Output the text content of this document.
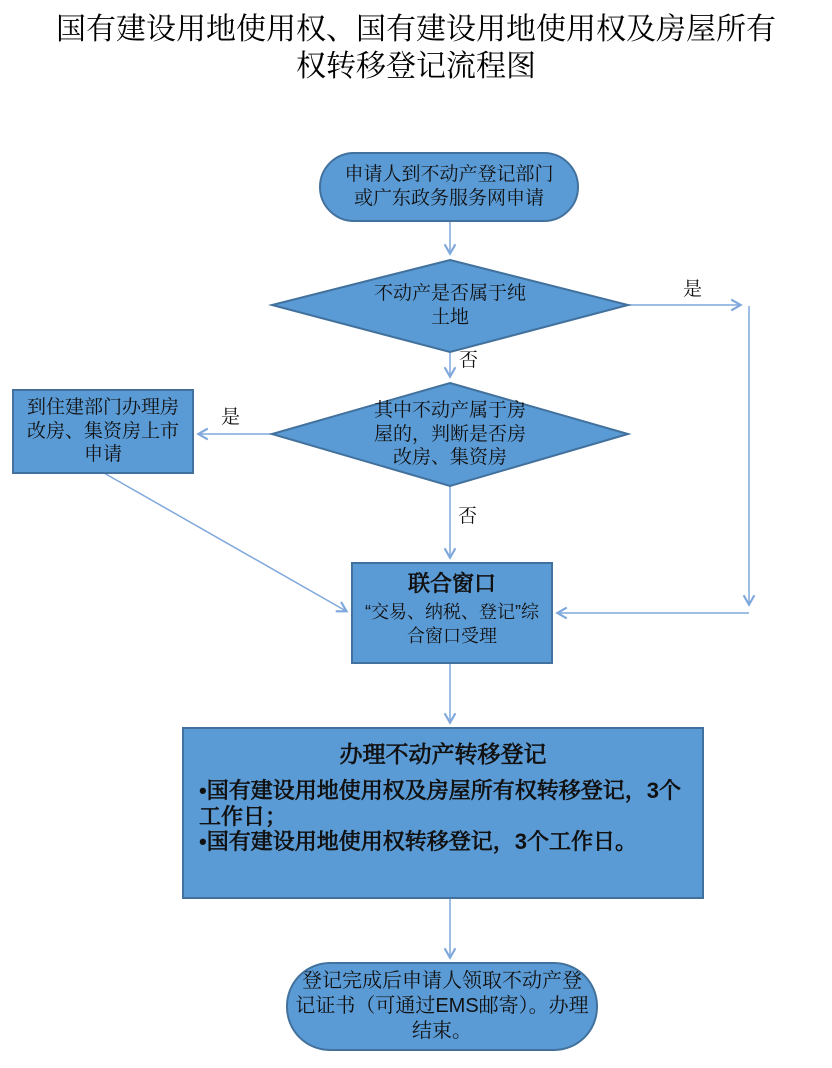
国有建设用地使用权、国有建设用地使用权及房屋所有权转移登记流程图
申请人到不动产登记部门或广东政务服务网申请
不动产是否属于纯土地
其中不动产属于房屋的，判断是否房改房、集资房
到住建部门办理房改房、集资房上市申请
联合窗口
“交易、纳税、登记”综合窗口受理
办理不动产转移登记

•国有建设用地使用权及房屋所有权转移登记，3个工作日；

•国有建设用地使用权转移登记，3个工作日。

登记完成后申请人领取不动产登记证书（可通过EMS邮寄）。办理结束。
是
否
是
否
